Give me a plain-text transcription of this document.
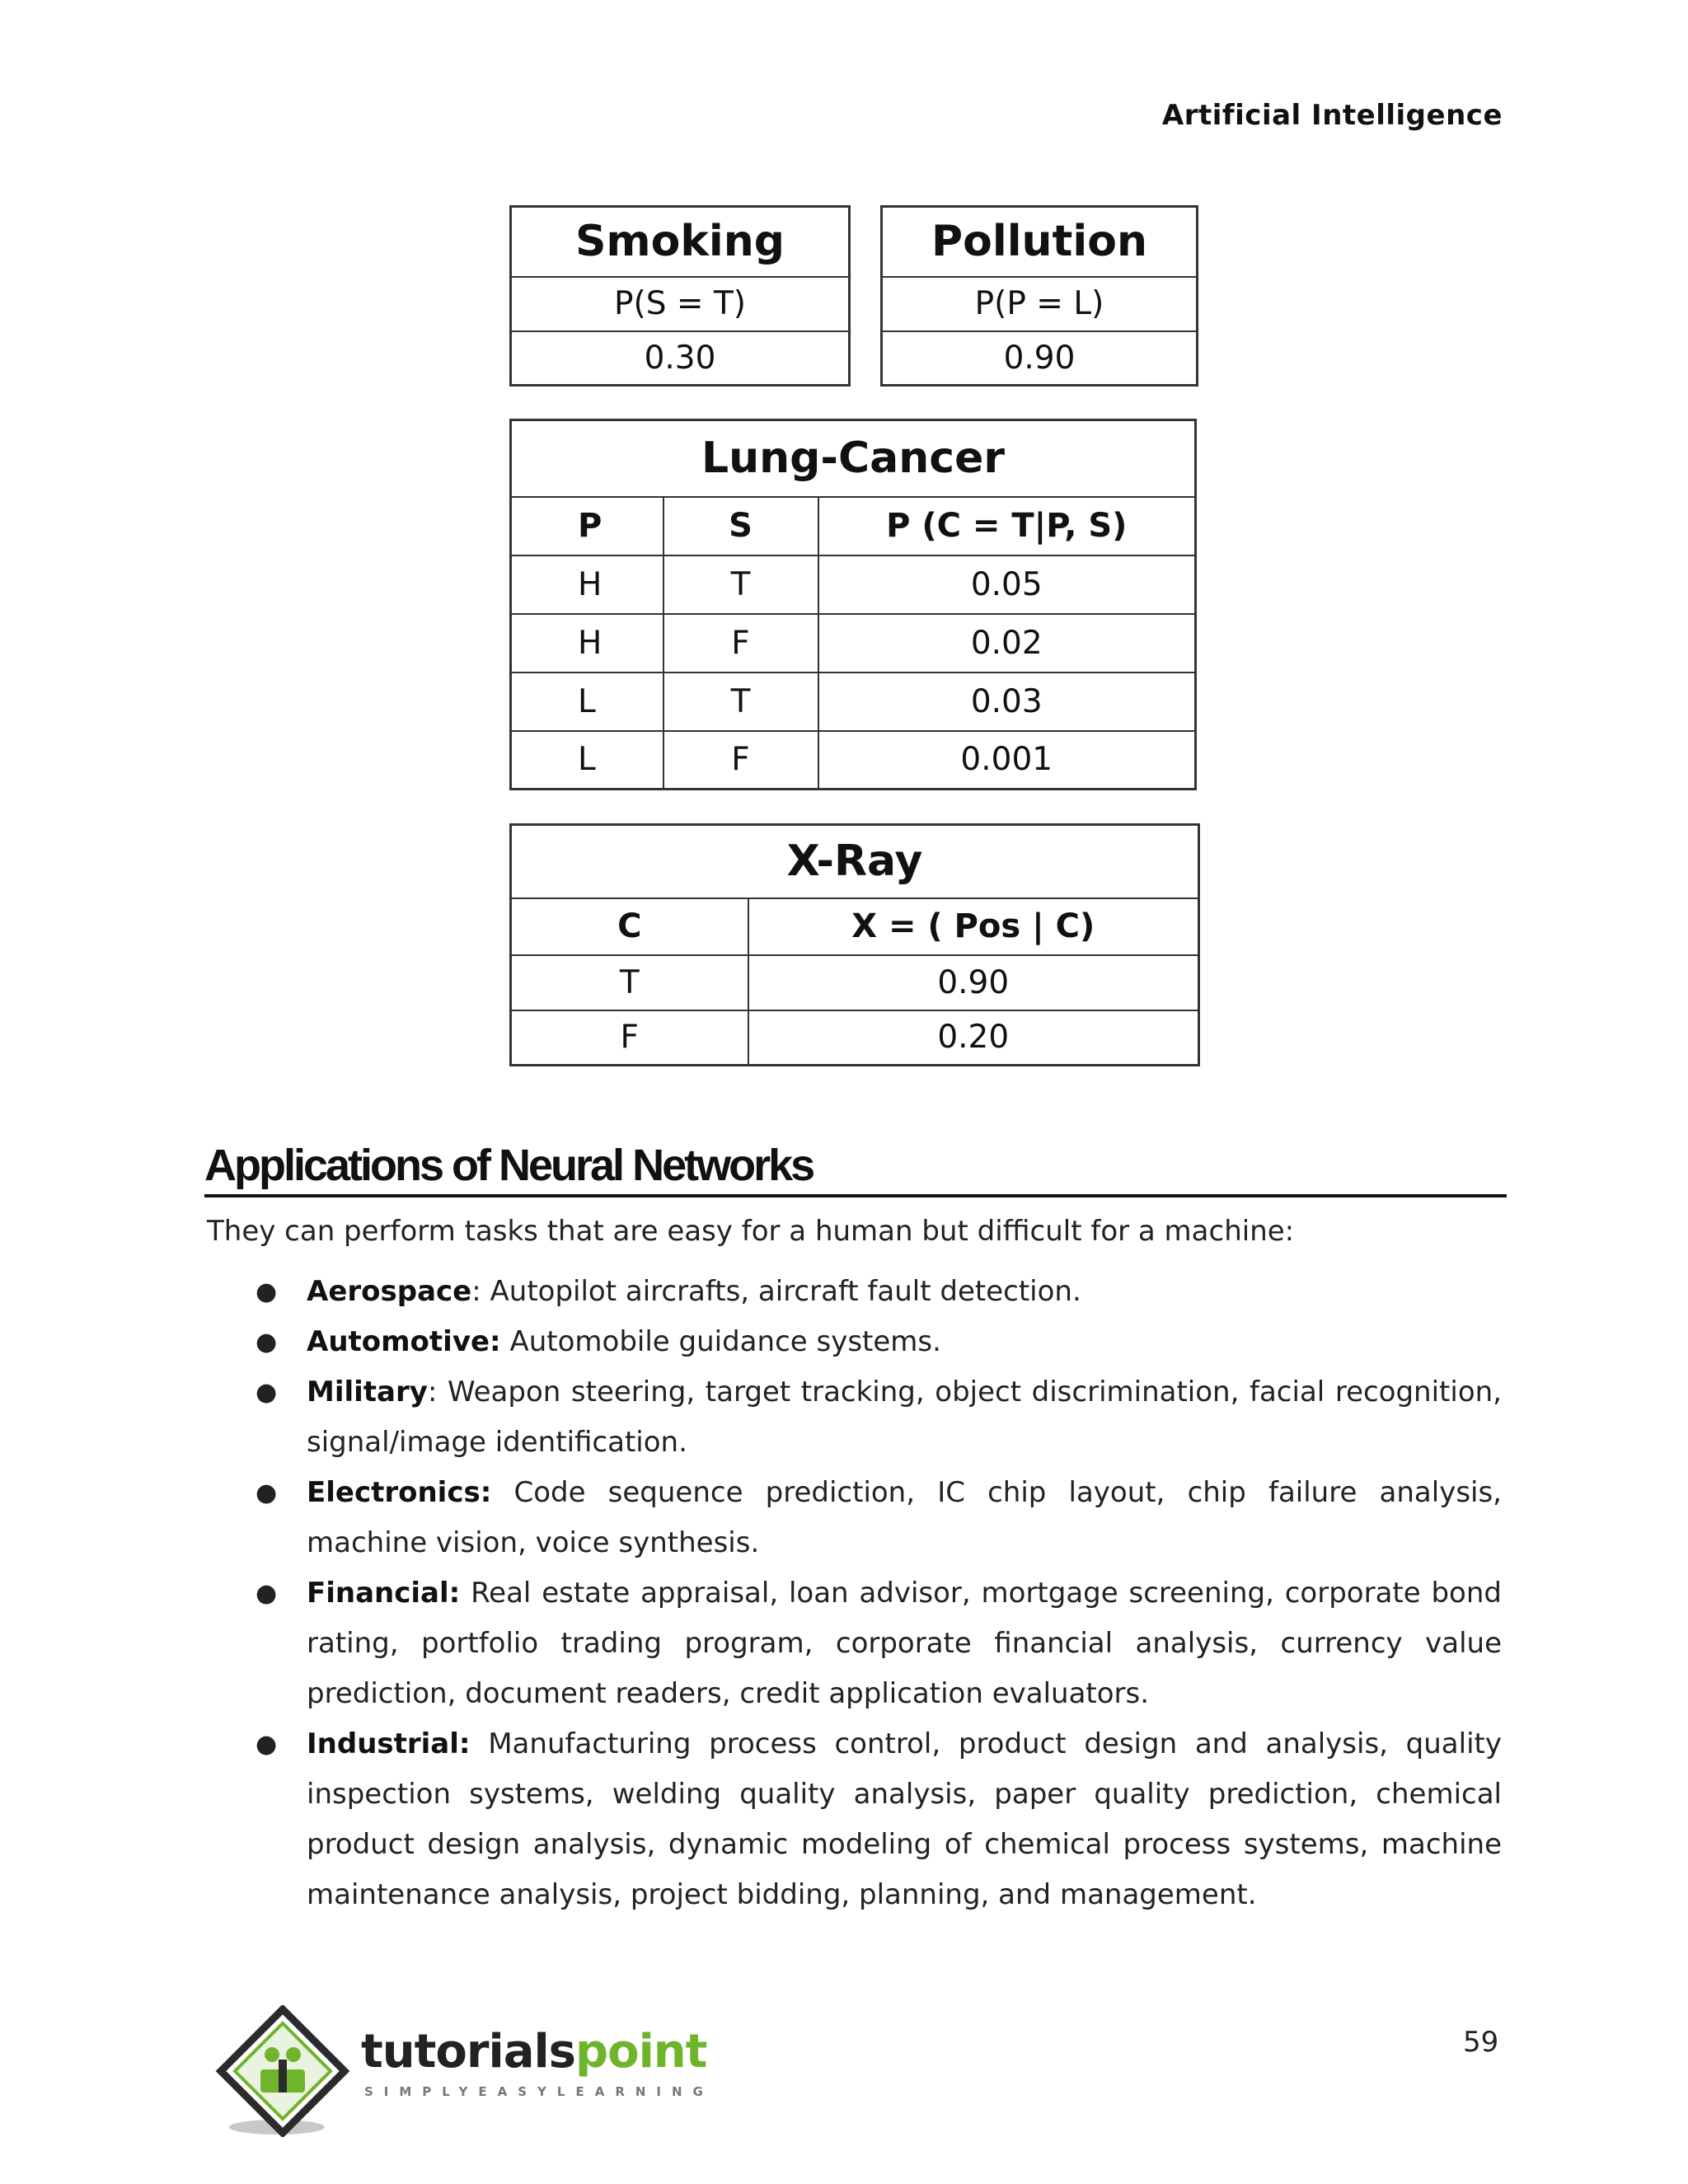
Artificial Intelligence
Smoking
P(S = T)
0.30
Pollution
P(P = L)
0.90
Lung-Cancer		
P	S	P (C = T|P, S)
H	T	0.05
H	F	0.02
L	T	0.03
L	F	0.001
X-Ray	
C	X = ( Pos | C)
T	0.90
F	0.20
Applications of Neural Networks
They can perform tasks that are easy for a human but difficult for a machine:
● Aerospace: Autopilot aircrafts, aircraft fault detection.
● Automotive: Automobile guidance systems.
● Military: Weapon steering, target tracking, object discrimination, facial recognition, signal/image identification.
● Electronics: Code sequence prediction, IC chip layout, chip failure analysis, machine vision, voice synthesis.
● Financial: Real estate appraisal, loan advisor, mortgage screening, corporate bond rating, portfolio trading program, corporate financial analysis, currency value prediction, document readers, credit application evaluators.
● Industrial: Manufacturing process control, product design and analysis, quality inspection systems, welding quality analysis, paper quality prediction, chemical product design analysis, dynamic modeling of chemical process systems, machine maintenance analysis, project bidding, planning, and management.
tutorialspoint
SIMPLYEASYLEARNING
59
